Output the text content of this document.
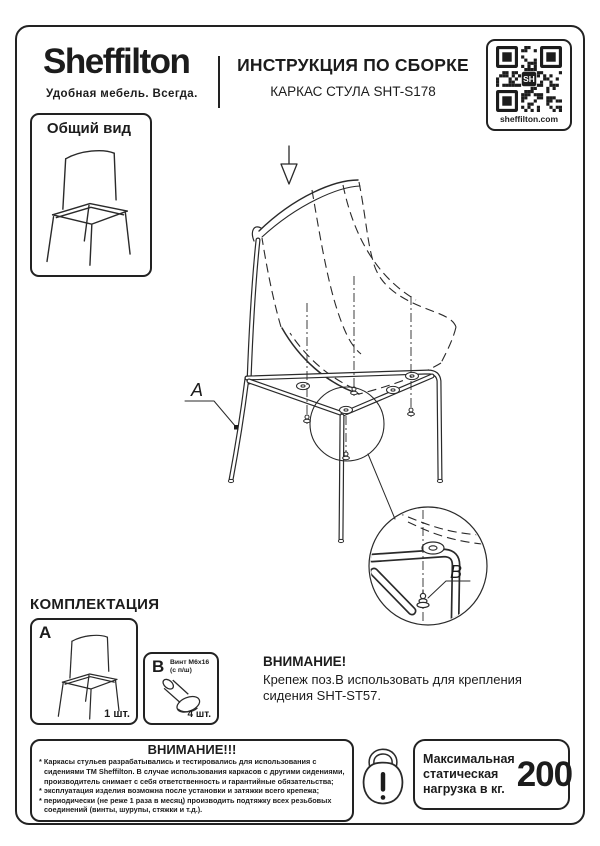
Sheffilton
Удобная мебель. Всегда.
ИНСТРУКЦИЯ ПО СБОРКЕ
КАРКАС СТУЛА SHT-S178
SH
sheffilton.com
Общий вид
B
A
КОМПЛЕКТАЦИЯ
A
1 шт.
B Винт М6х16
(с п/ш)
4 шт.
ВНИМАНИЕ!
Крепеж поз.В использовать для крепления сидения SHT-ST57.
ВНИМАНИЕ!!!
* Каркасы стульев разрабатывались и тестировались для использования с сидениями ТМ Sheffilton. В случае использования каркасов с другими сидениями, производитель снимает с себя ответственность и гарантийные обязательства;
* эксплуатация изделия возможна после установки и затяжки всего крепежа;
* периодически (не реже 1 раза в месяц) производить подтяжку всех резьбовых соединений (винты, шурупы, стяжки и т.д.).
Максимальная статическая нагрузка в кг. 200
